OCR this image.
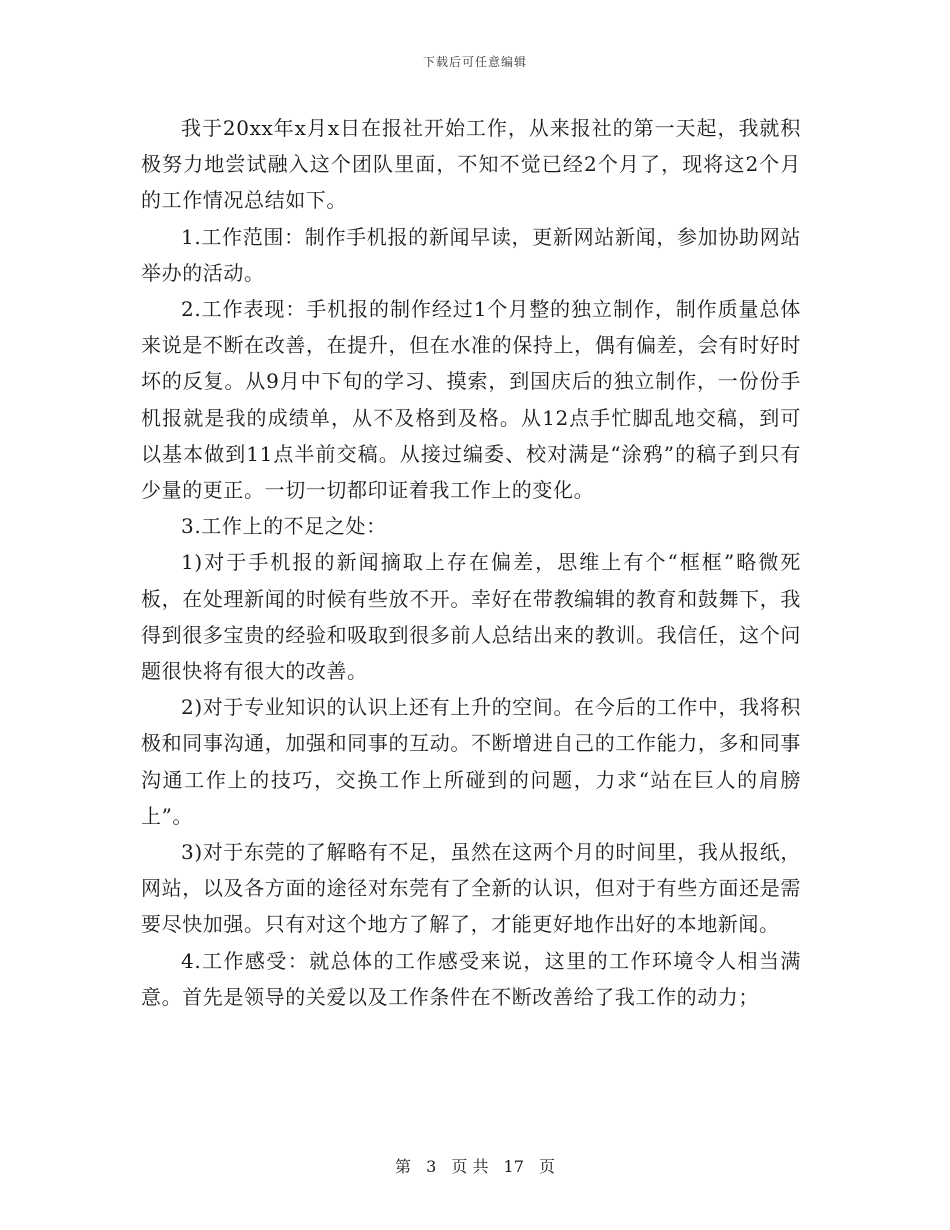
下载后可任意编辑

我于20xx年x月x日在报社开始工作，从来报社的第一天起，我就积极努力地尝试融入这个团队里面，不知不觉已经2个月了，现将这2个月的工作情况总结如下。

1.工作范围：制作手机报的新闻早读，更新网站新闻，参加协助网站举办的活动。

2.工作表现：手机报的制作经过1个月整的独立制作，制作质量总体来说是不断在改善，在提升，但在水准的保持上，偶有偏差，会有时好时坏的反复。从9月中下旬的学习、摸索，到国庆后的独立制作，一份份手机报就是我的成绩单，从不及格到及格。从12点手忙脚乱地交稿，到可以基本做到11点半前交稿。从接过编委、校对满是“涂鸦”的稿子到只有少量的更正。一切一切都印证着我工作上的变化。

3.工作上的不足之处：

1)对于手机报的新闻摘取上存在偏差，思维上有个“框框”略微死板，在处理新闻的时候有些放不开。幸好在带教编辑的教育和鼓舞下，我得到很多宝贵的经验和吸取到很多前人总结出来的教训。我信任，这个问题很快将有很大的改善。

2)对于专业知识的认识上还有上升的空间。在今后的工作中，我将积极和同事沟通，加强和同事的互动。不断增进自己的工作能力，多和同事沟通工作上的技巧，交换工作上所碰到的问题，力求“站在巨人的肩膀上”。

3)对于东莞的了解略有不足，虽然在这两个月的时间里，我从报纸，网站，以及各方面的途径对东莞有了全新的认识，但对于有些方面还是需要尽快加强。只有对这个地方了解了，才能更好地作出好的本地新闻。

4.工作感受：就总体的工作感受来说，这里的工作环境令人相当满意。首先是领导的关爱以及工作条件在不断改善给了我工作的动力；

第 3 页 共 17 页
